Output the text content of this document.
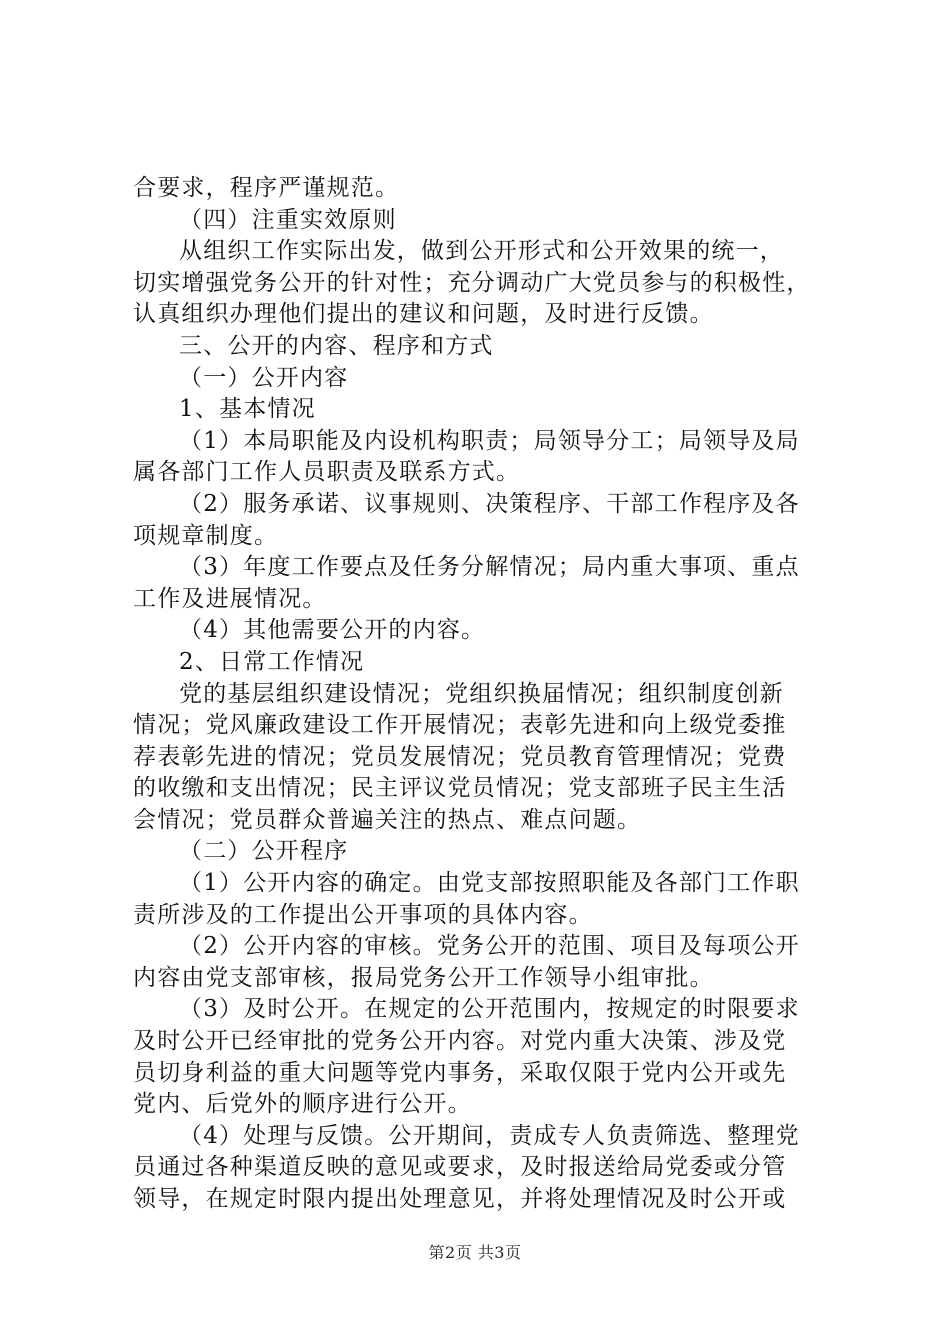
合要求，程序严谨规范。
（四）注重实效原则
从组织工作实际出发，做到公开形式和公开效果的统一，
切实增强党务公开的针对性；充分调动广大党员参与的积极性，
认真组织办理他们提出的建议和问题，及时进行反馈。
三、公开的内容、程序和方式
（一）公开内容
1、基本情况
（1）本局职能及内设机构职责；局领导分工；局领导及局
属各部门工作人员职责及联系方式。
（2）服务承诺、议事规则、决策程序、干部工作程序及各
项规章制度。
（3）年度工作要点及任务分解情况；局内重大事项、重点
工作及进展情况。
（4）其他需要公开的内容。
2、日常工作情况
党的基层组织建设情况；党组织换届情况；组织制度创新
情况；党风廉政建设工作开展情况；表彰先进和向上级党委推
荐表彰先进的情况；党员发展情况；党员教育管理情况；党费
的收缴和支出情况；民主评议党员情况；党支部班子民主生活
会情况；党员群众普遍关注的热点、难点问题。
（二）公开程序
（1）公开内容的确定。由党支部按照职能及各部门工作职
责所涉及的工作提出公开事项的具体内容。
（2）公开内容的审核。党务公开的范围、项目及每项公开
内容由党支部审核，报局党务公开工作领导小组审批。
（3）及时公开。在规定的公开范围内，按规定的时限要求
及时公开已经审批的党务公开内容。对党内重大决策、涉及党
员切身利益的重大问题等党内事务，采取仅限于党内公开或先
党内、后党外的顺序进行公开。
（4）处理与反馈。公开期间，责成专人负责筛选、整理党
员通过各种渠道反映的意见或要求，及时报送给局党委或分管
领导，在规定时限内提出处理意见，并将处理情况及时公开或
第2页 共3页
